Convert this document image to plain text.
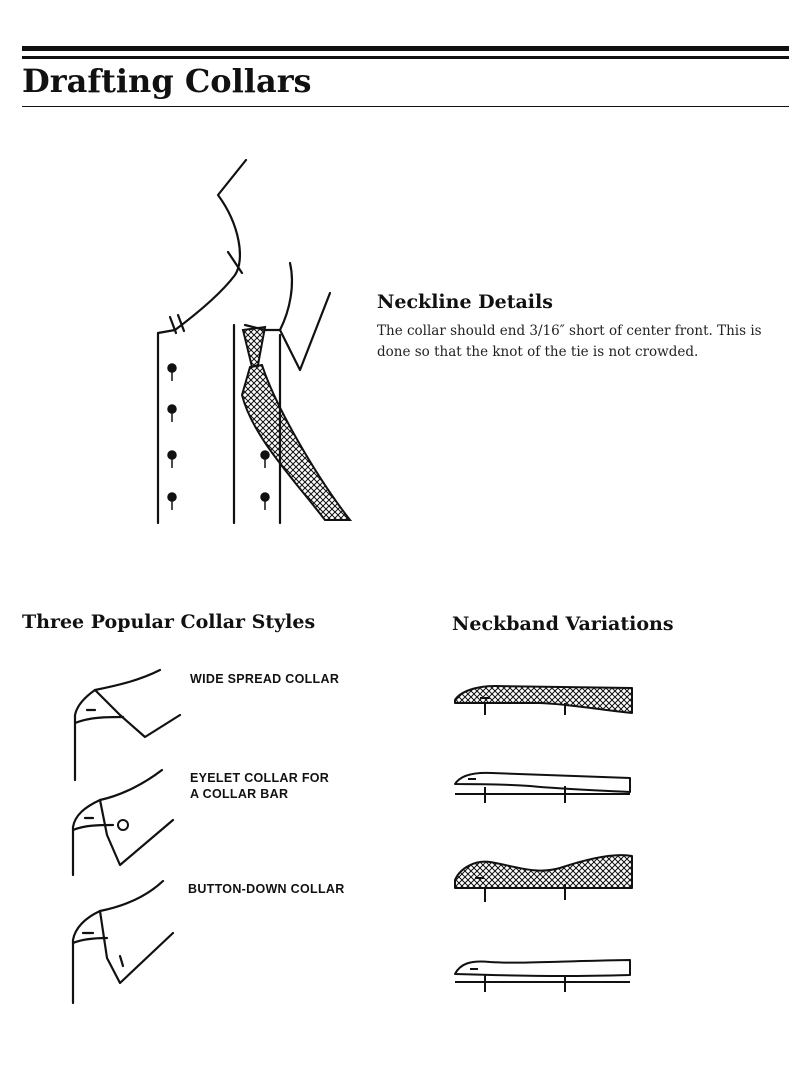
Drafting Collars
Neckline Details

The collar should end 3/16″ short of center front. This is

done so that the knot of the tie is not crowded.

Three Popular Collar Styles	Neckband Variations

WIDE SPREAD COLLAR

EYELET COLLAR FOR

A COLLAR BAR

BUTTON-DOWN COLLAR
